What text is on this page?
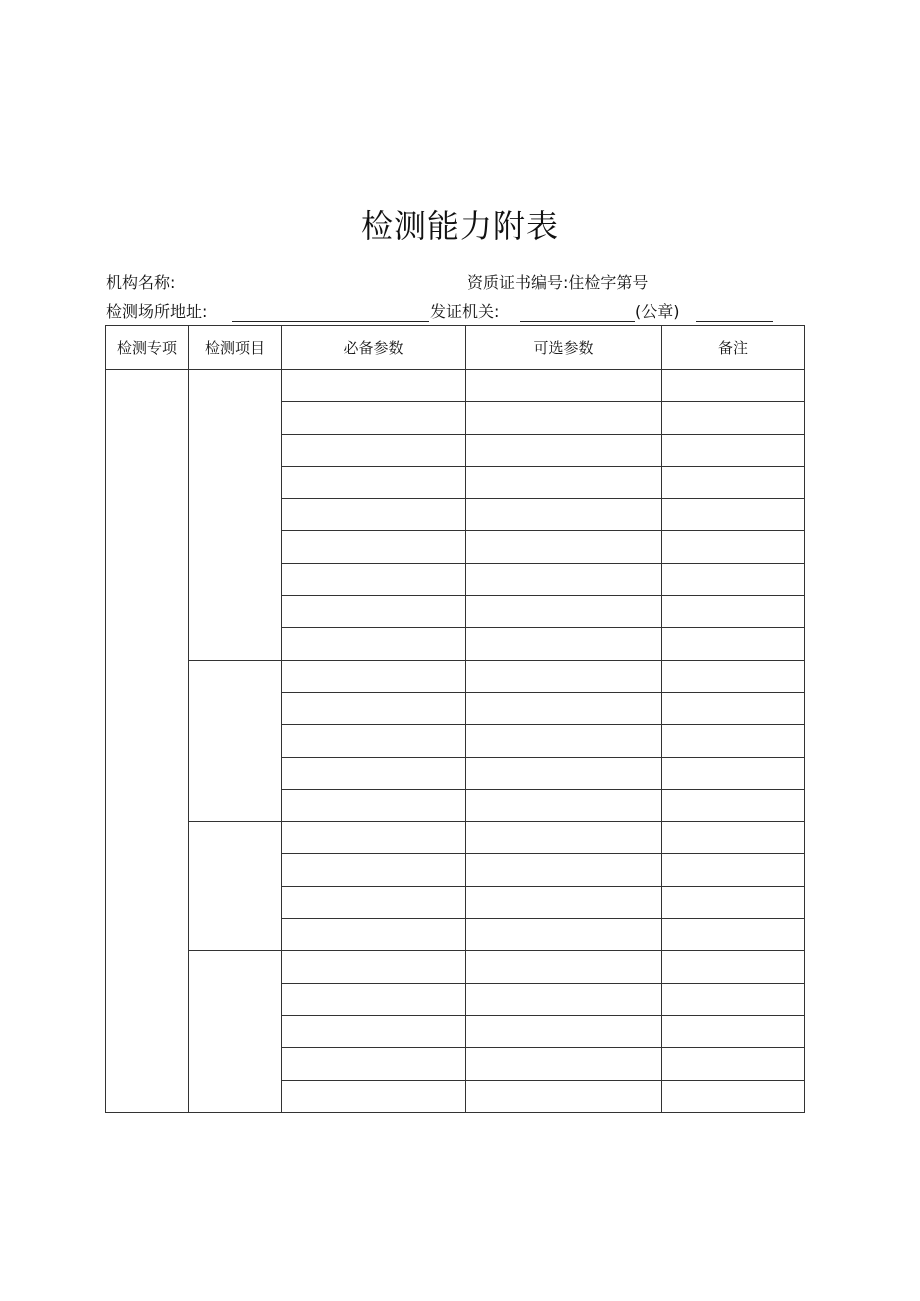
检测能力附表
机构名称:	资质证书编号:住检字第号
检测场所地址:	发证机关:	(公章)
检测专项	检测项目	必备参数	可选参数	备注
